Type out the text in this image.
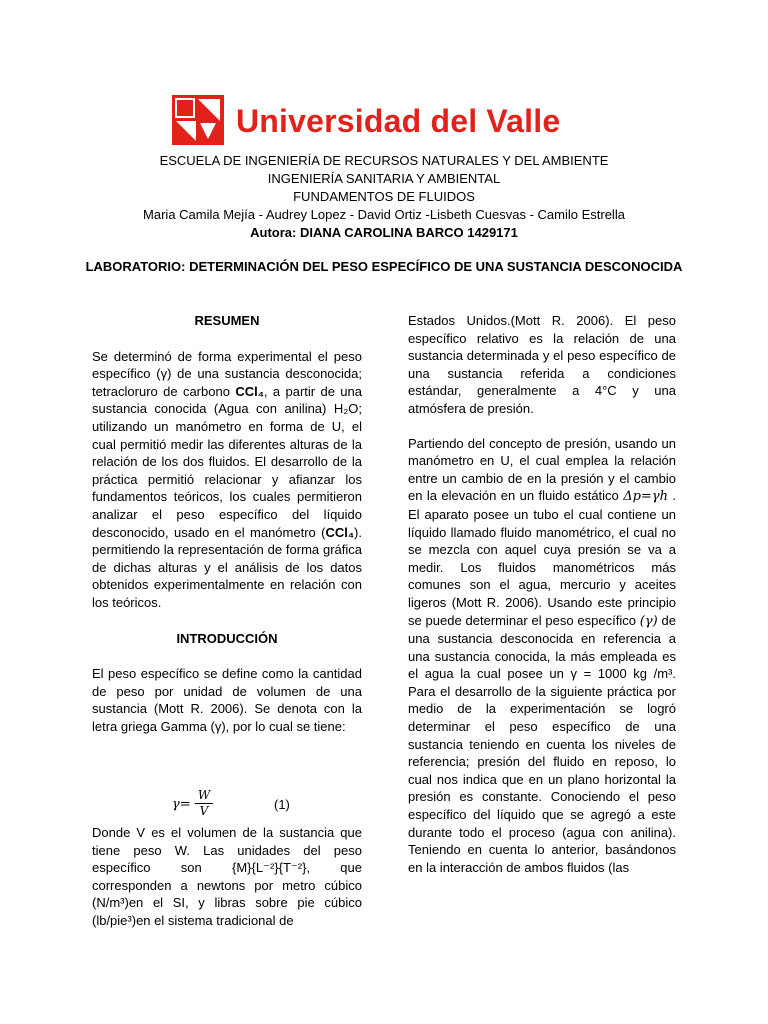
Universidad del Valle
ESCUELA DE INGENIERÍA DE RECURSOS NATURALES Y DEL AMBIENTE
INGENIERÍA SANITARIA Y AMBIENTAL
FUNDAMENTOS DE FLUIDOS
Maria Camila Mejía - Audrey Lopez - David Ortiz -Lisbeth Cuesvas - Camilo Estrella
Autora: DIANA CAROLINA BARCO 1429171
LABORATORIO: DETERMINACIÓN DEL PESO ESPECÍFICO DE UNA SUSTANCIA DESCONOCIDA
RESUMEN

Se determinó de forma experimental el peso específico (γ) de una sustancia desconocida; tetracloruro de carbono CCl₄, a partir de una sustancia conocida (Agua con anilina) H₂O; utilizando un manómetro en forma de U, el cual permitió medir las diferentes alturas de la relación de los dos fluidos. El desarrollo de la práctica permitió relacionar y afianzar los fundamentos teóricos, los cuales permitieron analizar el peso específico del líquido desconocido, usado en el manómetro (CCl₄). permitiendo la representación de forma gráfica de dichas alturas y el análisis de los datos obtenidos experimentalmente en relación con los teóricos.

INTRODUCCIÓN

El peso específico se define como la cantidad de peso por unidad de volumen de una sustancia (Mott R. 2006). Se denota con la letra griega Gamma (γ), por lo cual se tiene:

$\gamma= \frac{W}{V}$	(1)

Donde V es el volumen de la sustancia que tiene peso W. Las unidades del peso específico son {M}{L⁻²}{T⁻²}, que corresponden a newtons por metro cúbico (N/m³)en el SI, y libras sobre pie cúbico (lb/pie³)en el sistema tradicional de

Estados Unidos.(Mott R. 2006). El peso específico relativo es la relación de una sustancia determinada y el peso específico de una sustancia referida a condiciones estándar, generalmente a 4°C y una atmósfera de presión.

Partiendo del concepto de presión, usando un manómetro en U, el cual emplea la relación entre un cambio de en la presión y el cambio en la elevación en un fluido estático Δp=γh . El aparato posee un tubo el cual contiene un líquido llamado fluido manométrico, el cual no se mezcla con aquel cuya presión se va a medir. Los fluidos manométricos más comunes son el agua, mercurio y aceites ligeros (Mott R. 2006). Usando este principio se puede determinar el peso específico (γ) de una sustancia desconocida en referencia a una sustancia conocida, la más empleada es el agua la cual posee un γ = 1000 kg /m³. Para el desarrollo de la siguiente práctica por medio de la experimentación se logró determinar el peso específico de una sustancia teniendo en cuenta los niveles de referencia; presión del fluido en reposo, lo cual nos indica que en un plano horizontal la presión es constante. Conociendo el peso específico del líquido que se agregó a este durante todo el proceso (agua con anilina). Teniendo en cuenta lo anterior, basándonos en la interacción de ambos fluidos (las
